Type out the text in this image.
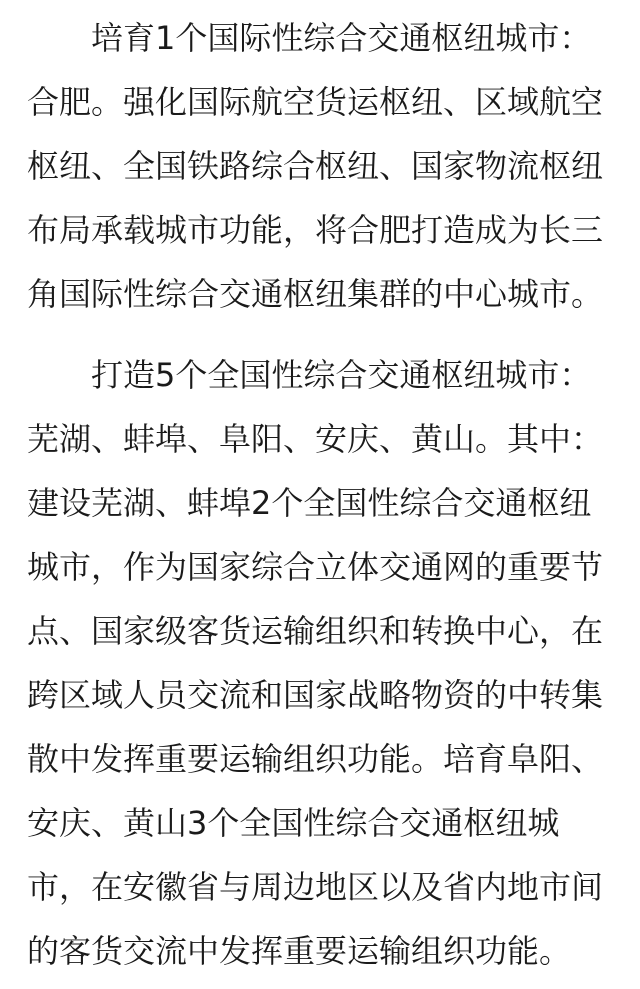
培育1个国际性综合交通枢纽城市：
合肥。强化国际航空货运枢纽、区域航空
枢纽、全国铁路综合枢纽、国家物流枢纽
布局承载城市功能，将合肥打造成为长三
角国际性综合交通枢纽集群的中心城市。
打造5个全国性综合交通枢纽城市：
芜湖、蚌埠、阜阳、安庆、黄山。其中：
建设芜湖、蚌埠2个全国性综合交通枢纽
城市，作为国家综合立体交通网的重要节
点、国家级客货运输组织和转换中心，在
跨区域人员交流和国家战略物资的中转集
散中发挥重要运输组织功能。培育阜阳、
安庆、黄山3个全国性综合交通枢纽城
市，在安徽省与周边地区以及省内地市间
的客货交流中发挥重要运输组织功能。
